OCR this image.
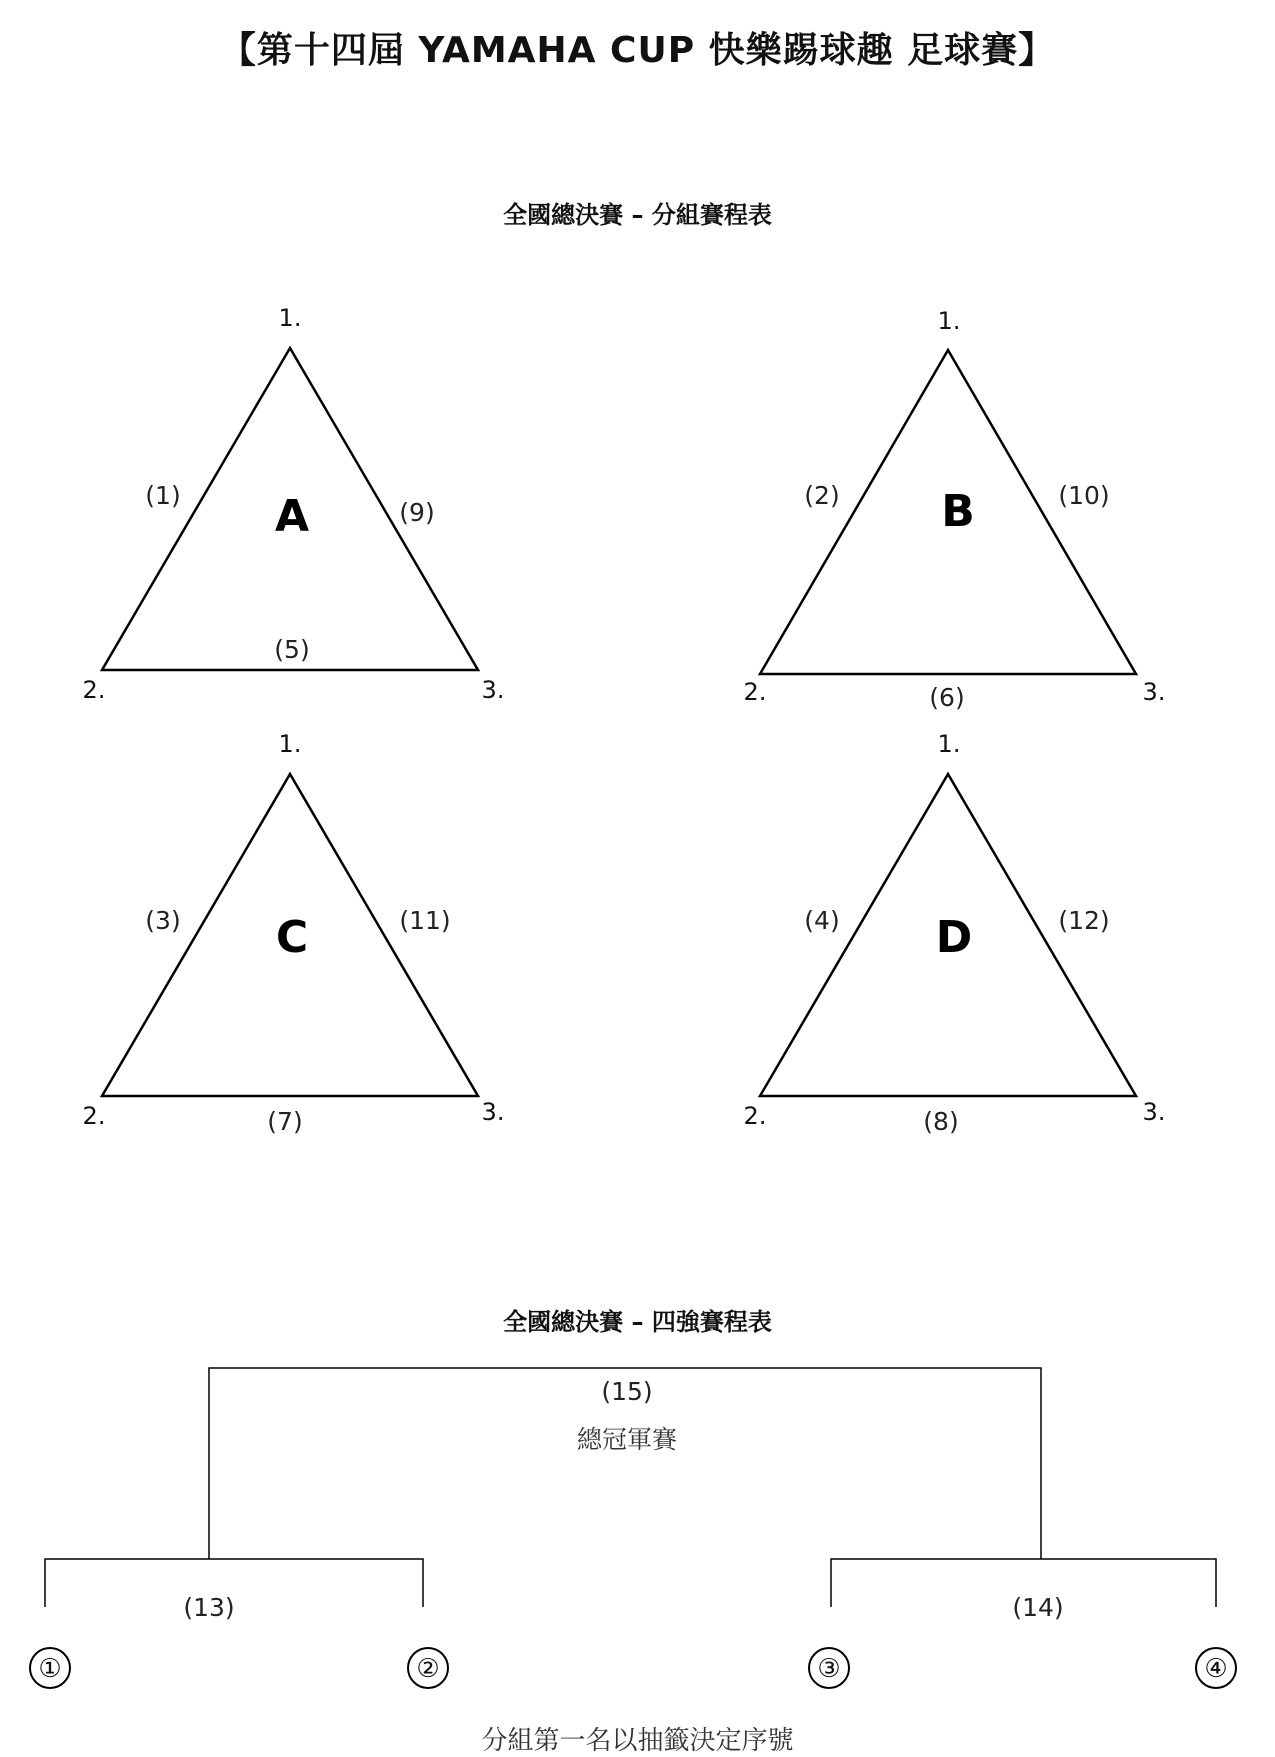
【第十四屆 YAMAHA CUP 快樂踢球趣 足球賽】
全國總決賽 – 分組賽程表
A
1.
2.	3.
(1)
(5)
(9)	B
1.
2.	3.
(2)
(6)
(10)
C
1.
2.	3.
(3)
(7)
(11)	D
1.
2.	3.
(4)
(8)
(12)
(15)
總冠軍賽
(13)	(14)
①	②	③	④
全國總決賽 – 四強賽程表
分組第一名以抽籤決定序號
